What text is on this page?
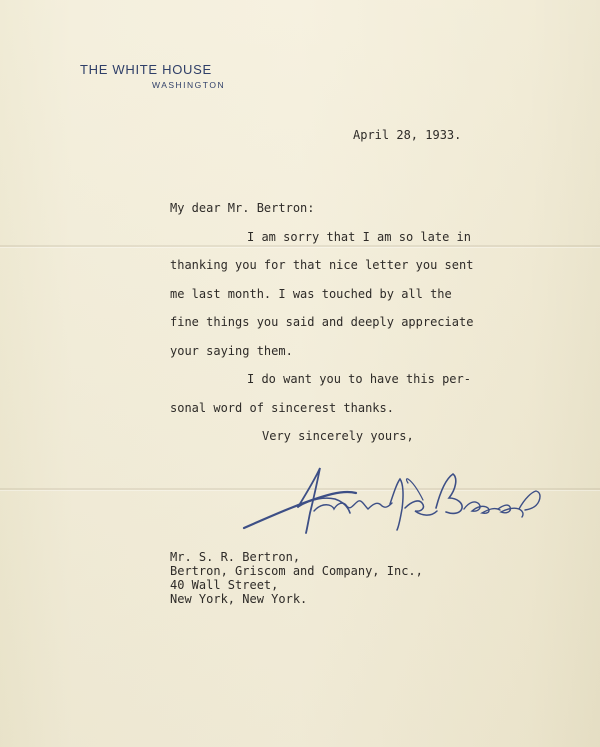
THE WHITE HOUSE
WASHINGTON
April 28, 1933.
My dear Mr. Bertron:
I am sorry that I am so late in
thanking you for that nice letter you sent
me last month. I was touched by all the
fine things you said and deeply appreciate
your saying them.
I do want you to have this per-
sonal word of sincerest thanks.
Very sincerely yours,
Mr. S. R. Bertron,
Bertron, Griscom and Company, Inc.,
40 Wall Street,
New York, New York.
